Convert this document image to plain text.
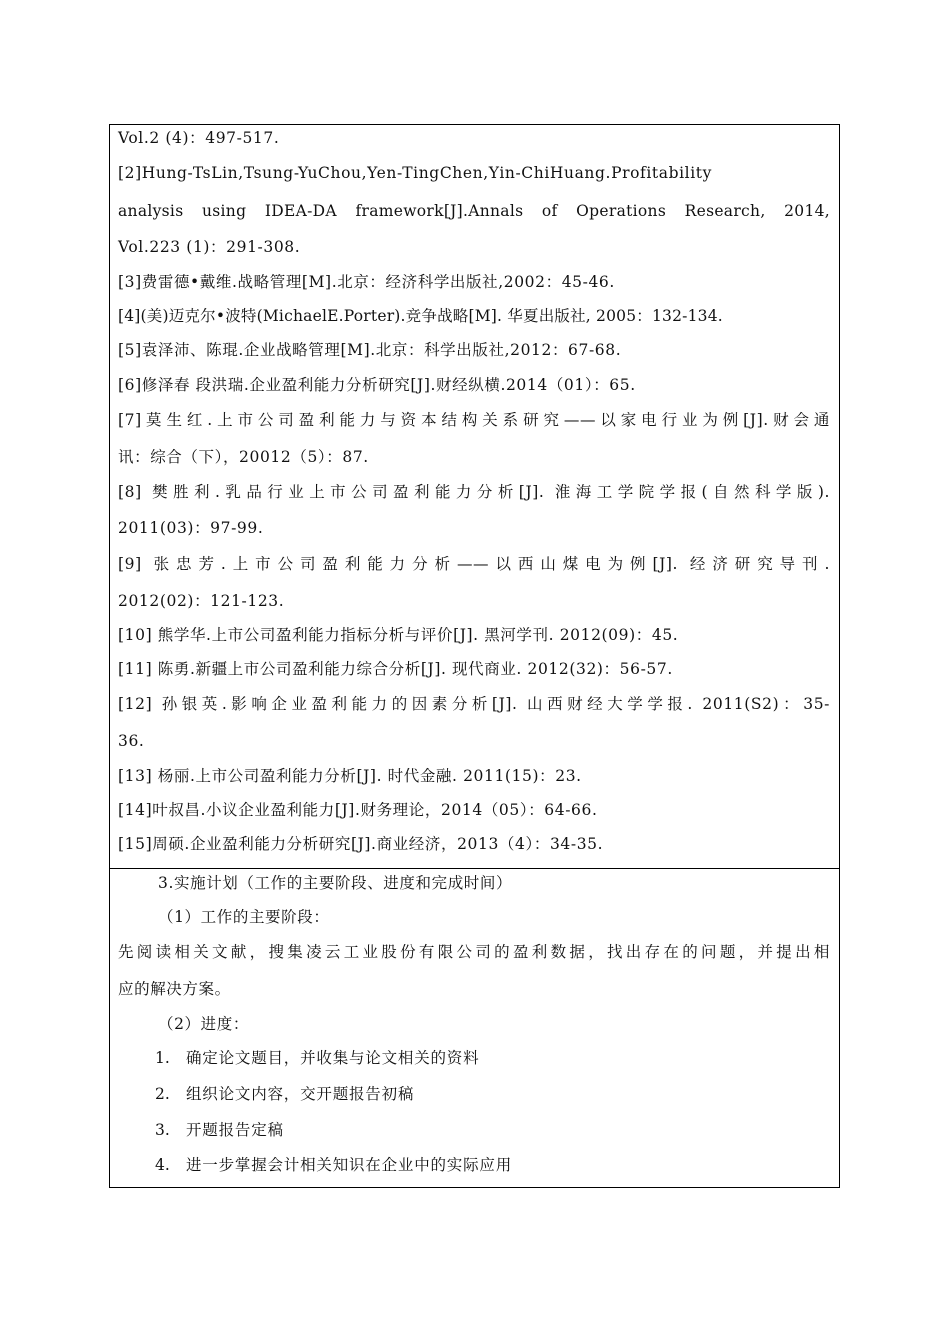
Vol.2 (4)：497-517.
[2]Hung-TsLin,Tsung-YuChou,Yen-TingChen,Yin-ChiHuang.Profitability
analysis using IDEA‐DA framework[J].Annals of Operations Research, 2014,
Vol.223 (1)：291-308.
[3]费雷德•戴维.战略管理[M].北京：经济科学出版社,2002：45-46.
[4](美)迈克尔•波特(MichaelE.Porter).竞争战略[M]. 华夏出版社, 2005：132-134.
[5]袁泽沛、陈琨.企业战略管理[M].北京：科学出版社,2012：67-68.
[6]修泽春 段洪瑞.企业盈利能力分析研究[J].财经纵横.2014（01）：65.
[7]莫生红.上市公司盈利能力与资本结构关系研究——以家电行业为例[J].财会通
讯：综合（下），20012（5）：87.
[8] 樊胜利.乳品行业上市公司盈利能力分析[J]. 淮海工学院学报(自然科学版).
2011(03)：97-99.
[9] 张忠芳.上市公司盈利能力分析——以西山煤电为例[J]. 经济研究导刊.
2012(02)：121-123.
[10] 熊学华.上市公司盈利能力指标分析与评价[J]. 黑河学刊. 2012(09)：45.
[11] 陈勇.新疆上市公司盈利能力综合分析[J]. 现代商业. 2012(32)：56-57.
[12] 孙银英.影响企业盈利能力的因素分析[J]. 山西财经大学学报. 2011(S2)：35-
36.
[13] 杨丽.上市公司盈利能力分析[J]. 时代金融. 2011(15)：23.
[14]叶叔昌.小议企业盈利能力[J].财务理论，2014（05）：64-66.
[15]周硕.企业盈利能力分析研究[J].商业经济，2013（4）：34-35.
3.实施计划（工作的主要阶段、进度和完成时间）
（1）工作的主要阶段：
先阅读相关文献，搜集凌云工业股份有限公司的盈利数据，找出存在的问题，并提出相
应的解决方案。
（2）进度：
1. 确定论文题目，并收集与论文相关的资料
2. 组织论文内容，交开题报告初稿
3. 开题报告定稿
4. 进一步掌握会计相关知识在企业中的实际应用
